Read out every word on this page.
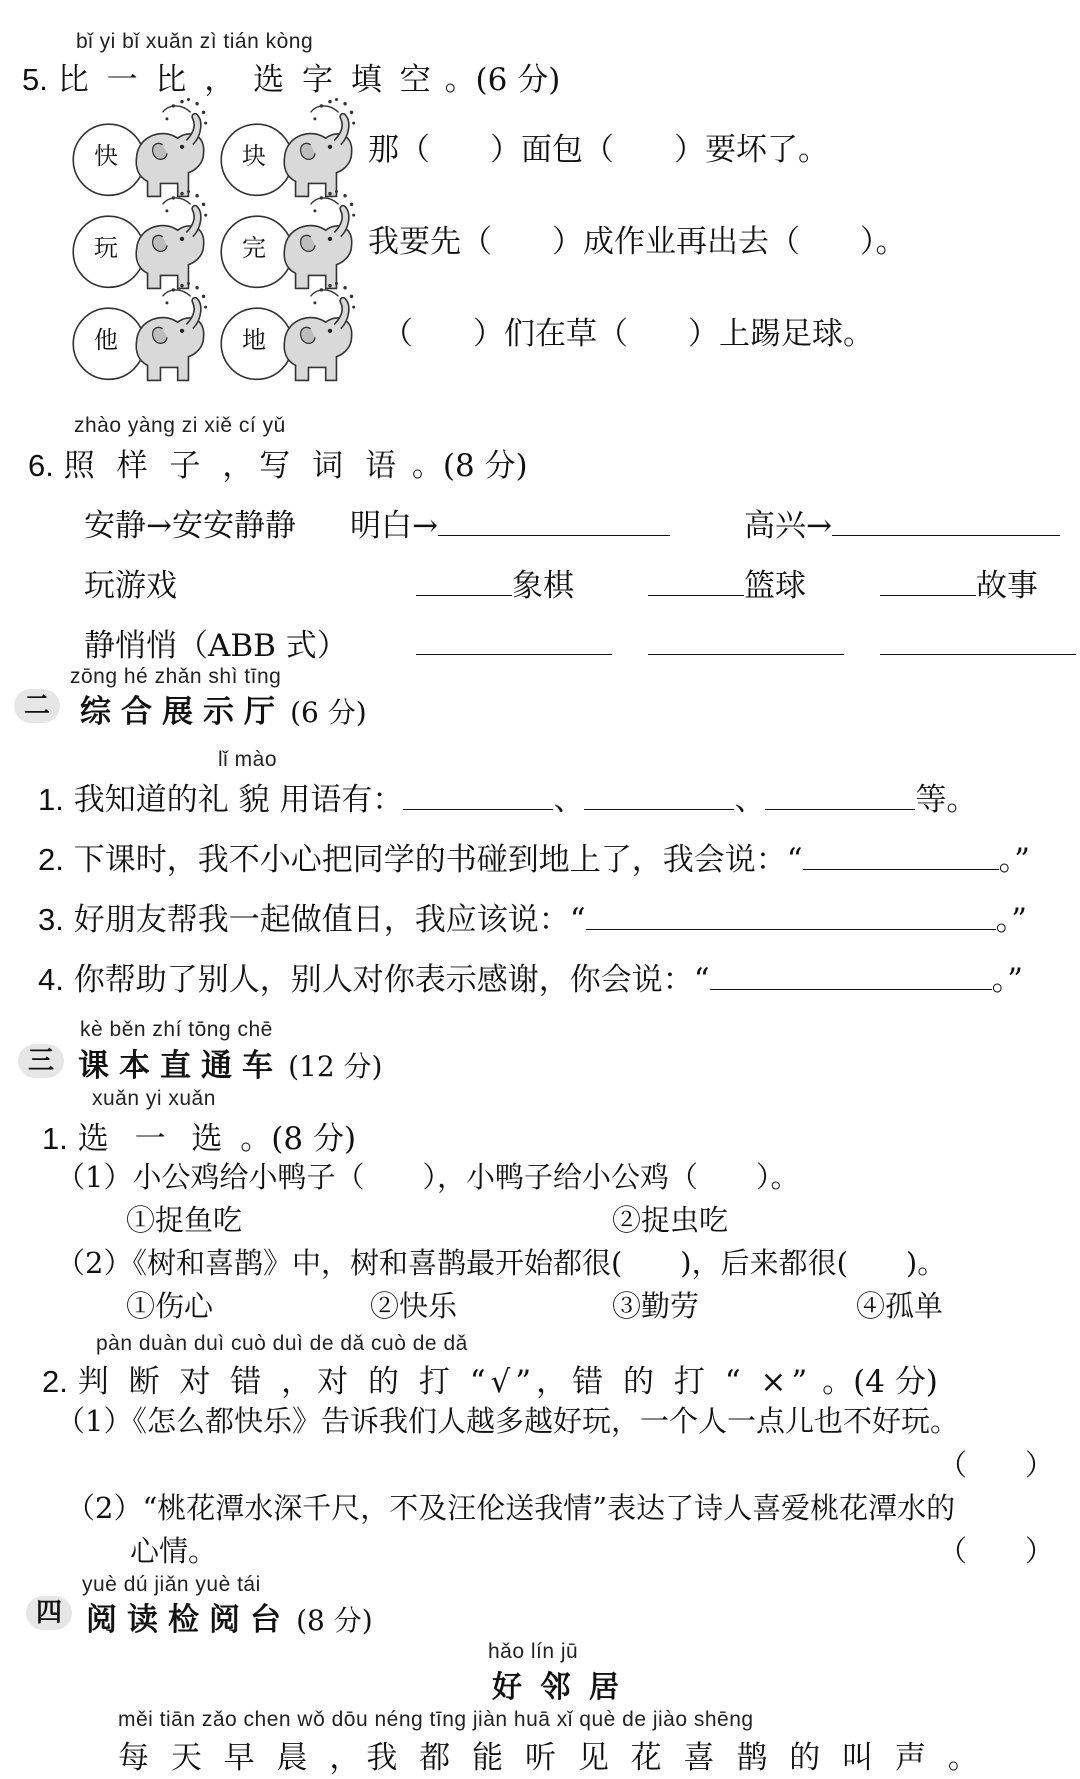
bǐ yi bǐ xuǎn zì tián kòng
5. 比 一 比 ， 选 字 填 空 。(6 分)
快	块	那（ ）面包（ ）要坏了。
玩	完	我要先（ ）成作业再出去（ ）。
他	地	（ ）们在草（ ）上踢足球。
zhào yàng zi xiě cí yǔ
6. 照 样 子 ，写 词 语 。(8 分)
安静→安安静静 明白→	高兴→
玩游戏	象棋	篮球	故事
静悄悄（ABB 式）
zōng hé zhǎn shì tīng
二 综合展示厅 (6 分)
lǐ mào
1. 我知道的礼 貌 用语有：	、	、	等。
2. 下课时，我不小心把同学的书碰到地上了，我会说：“	。”
3. 好朋友帮我一起做值日，我应该说：“	。”
4. 你帮助了别人，别人对你表示感谢，你会说：“	。”
kè běn zhí tōng chē
三 课本直通车 (12 分)
xuǎn yi xuǎn
1. 选 一 选 。(8 分)
（1）小公鸡给小鸭子（　　），小鸭子给小公鸡（　　）。
①捉鱼吃	②捉虫吃
（2）《树和喜鹊》中，树和喜鹊最开始都很(　　)，后来都很(　　)。
①伤心	②快乐	③勤劳	④孤单
pàn duàn duì cuò duì de dǎ cuò de dǎ
2. 判 断 对 错 ，对 的 打 “√”，错 的 打 “ ×” 。(4 分)
（1）《怎么都快乐》告诉我们人越多越好玩，一个人一点儿也不好玩。
（　　）
（2）“桃花潭水深千尺，不及汪伦送我情”表达了诗人喜爱桃花潭水的
心情。	（　　）
yuè dú jiǎn yuè tái
四 阅读检阅台 (8 分)
hǎo lín jū
好 邻 居
měi tiān zǎo chen wǒ dōu néng tīng jiàn huā xǐ què de jiào shēng
每 天 早 晨 ，我 都 能 听 见 花 喜 鹊 的 叫 声 。
